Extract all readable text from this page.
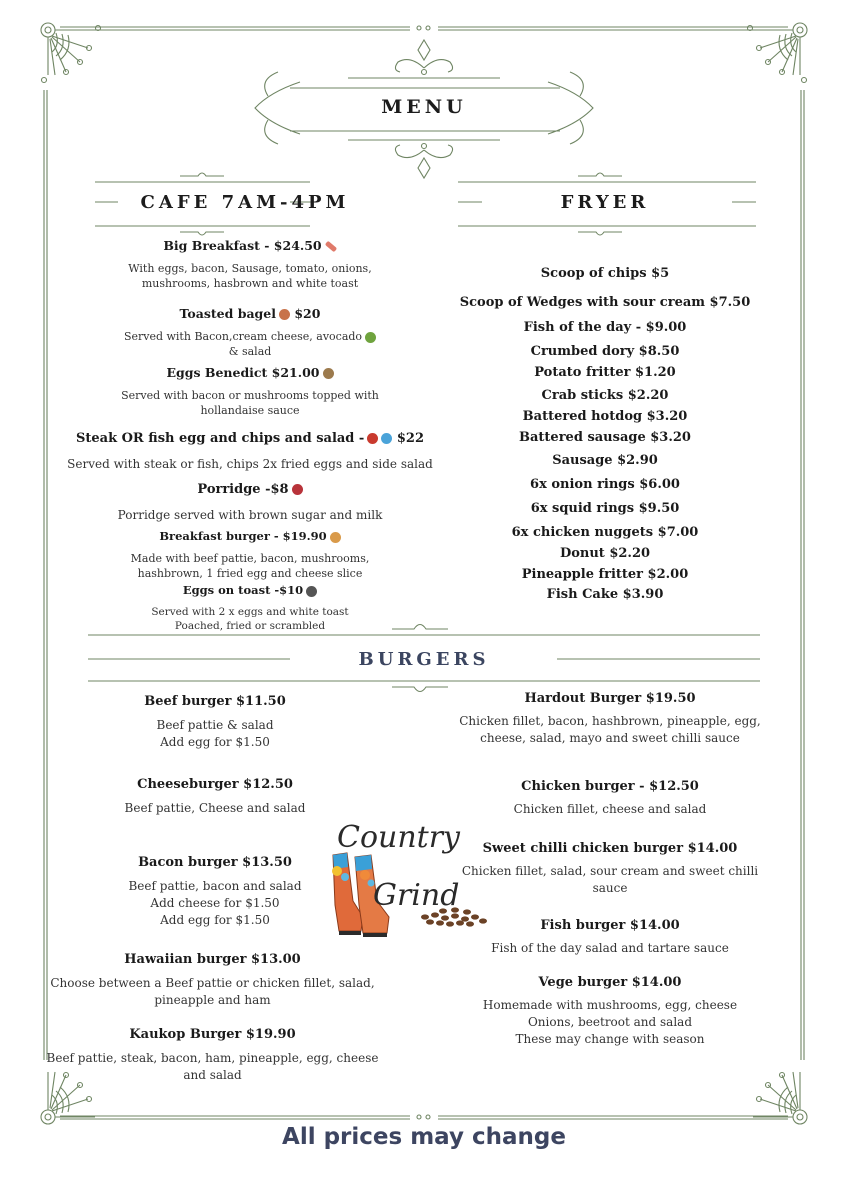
MENU
CAFE 7AM-4PM	FRYER
BURGERS
Big Breakfast - $24.50
With eggs, bacon, Sausage, tomato, onions,
mushrooms, hasbrown and white toast
Toasted bagel $20
Served with Bacon,cream cheese, avocado
& salad
Eggs Benedict $21.00
Served with bacon or mushrooms topped with
hollandaise sauce
Steak OR fish egg and chips and salad -	$22
Served with steak or fish, chips 2x fried eggs and side salad
Porridge -$8
Porridge served with brown sugar and milk
Breakfast burger - $19.90
Made with beef pattie, bacon, mushrooms,
hashbrown, 1 fried egg and cheese slice
Eggs on toast -$10
Served with 2 x eggs and white toast
Poached, fried or scrambled
Scoop of chips $5
Scoop of Wedges with sour cream $7.50
Fish of the day - $9.00
Crumbed dory $8.50
Potato fritter $1.20
Crab sticks $2.20
Battered hotdog $3.20
Battered sausage $3.20
Sausage $2.90
6x onion rings $6.00
6x squid rings $9.50
6x chicken nuggets $7.00
Donut $2.20
Pineapple fritter $2.00
Fish Cake $3.90
Beef burger $11.50
Beef pattie & salad
Add egg for $1.50
Cheeseburger $12.50
Beef pattie, Cheese and salad
Bacon burger $13.50
Beef pattie, bacon and salad
Add cheese for $1.50
Add egg for $1.50
Hawaiian burger $13.00
Choose between a Beef pattie or chicken fillet, salad,
pineapple and ham
Kaukop Burger $19.90
Beef pattie, steak, bacon, ham, pineapple, egg, cheese
and salad
Hardout Burger $19.50
Chicken fillet, bacon, hashbrown, pineapple, egg,
cheese, salad, mayo and sweet chilli sauce
Chicken burger - $12.50
Chicken fillet, cheese and salad
Sweet chilli chicken burger $14.00
Chicken fillet, salad, sour cream and sweet chilli
sauce
Fish burger $14.00
Fish of the day salad and tartare sauce
Vege burger $14.00
Homemade with mushrooms, egg, cheese
Onions, beetroot and salad
These may change with season
Country
Grind
All prices may change
